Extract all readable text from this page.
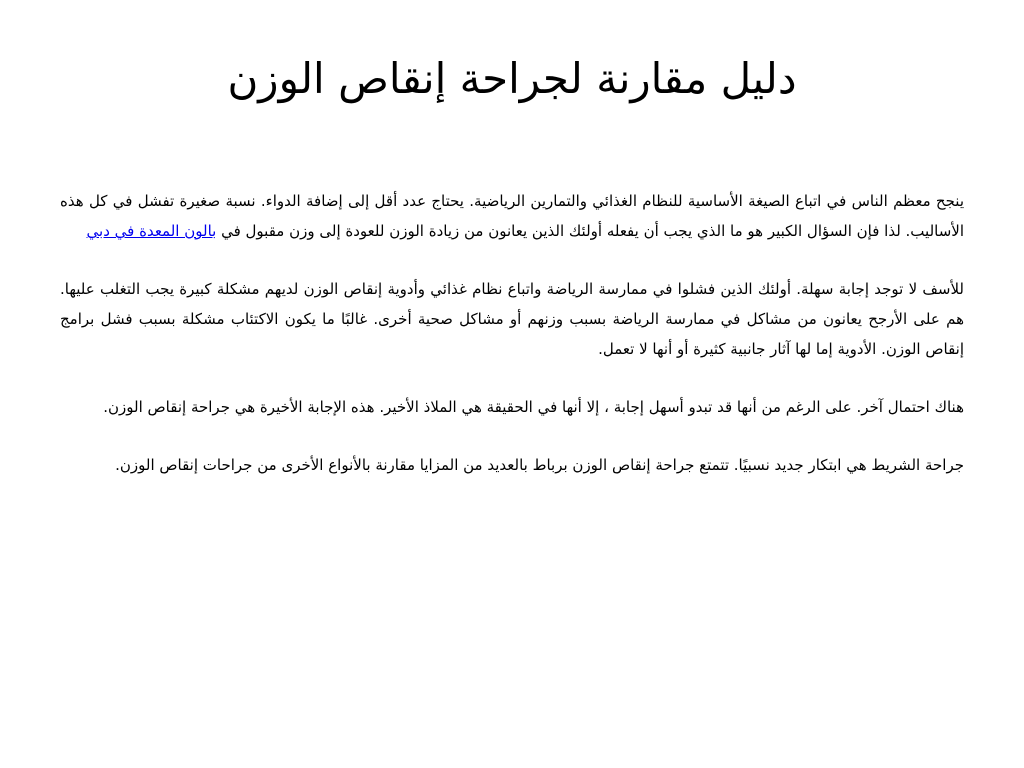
دليل مقارنة لجراحة إنقاص الوزن

ينجح معظم الناس في اتباع الصيغة الأساسية للنظام الغذائي والتمارين الرياضية. يحتاج عدد أقل إلى إضافة الدواء. نسبة صغيرة تفشل في كل هذه الأساليب. لذا فإن السؤال الكبير هو ما الذي يجب أن يفعله أولئك الذين يعانون من زيادة الوزن للعودة إلى وزن مقبول في بالون المعدة في دبي

للأسف لا توجد إجابة سهلة. أولئك الذين فشلوا في ممارسة الرياضة واتباع نظام غذائي وأدوية إنقاص الوزن لديهم مشكلة كبيرة يجب التغلب عليها. هم على الأرجح يعانون من مشاكل في ممارسة الرياضة بسبب وزنهم أو مشاكل صحية أخرى. غالبًا ما يكون الاكتئاب مشكلة بسبب فشل برامج إنقاص الوزن. الأدوية إما لها آثار جانبية كثيرة أو أنها لا تعمل.

هناك احتمال آخر. على الرغم من أنها قد تبدو أسهل إجابة ، إلا أنها في الحقيقة هي الملاذ الأخير. هذه الإجابة الأخيرة هي جراحة إنقاص الوزن.

جراحة الشريط هي ابتكار جديد نسبيًا. تتمتع جراحة إنقاص الوزن برباط بالعديد من المزايا مقارنة بالأنواع الأخرى من جراحات إنقاص الوزن.
